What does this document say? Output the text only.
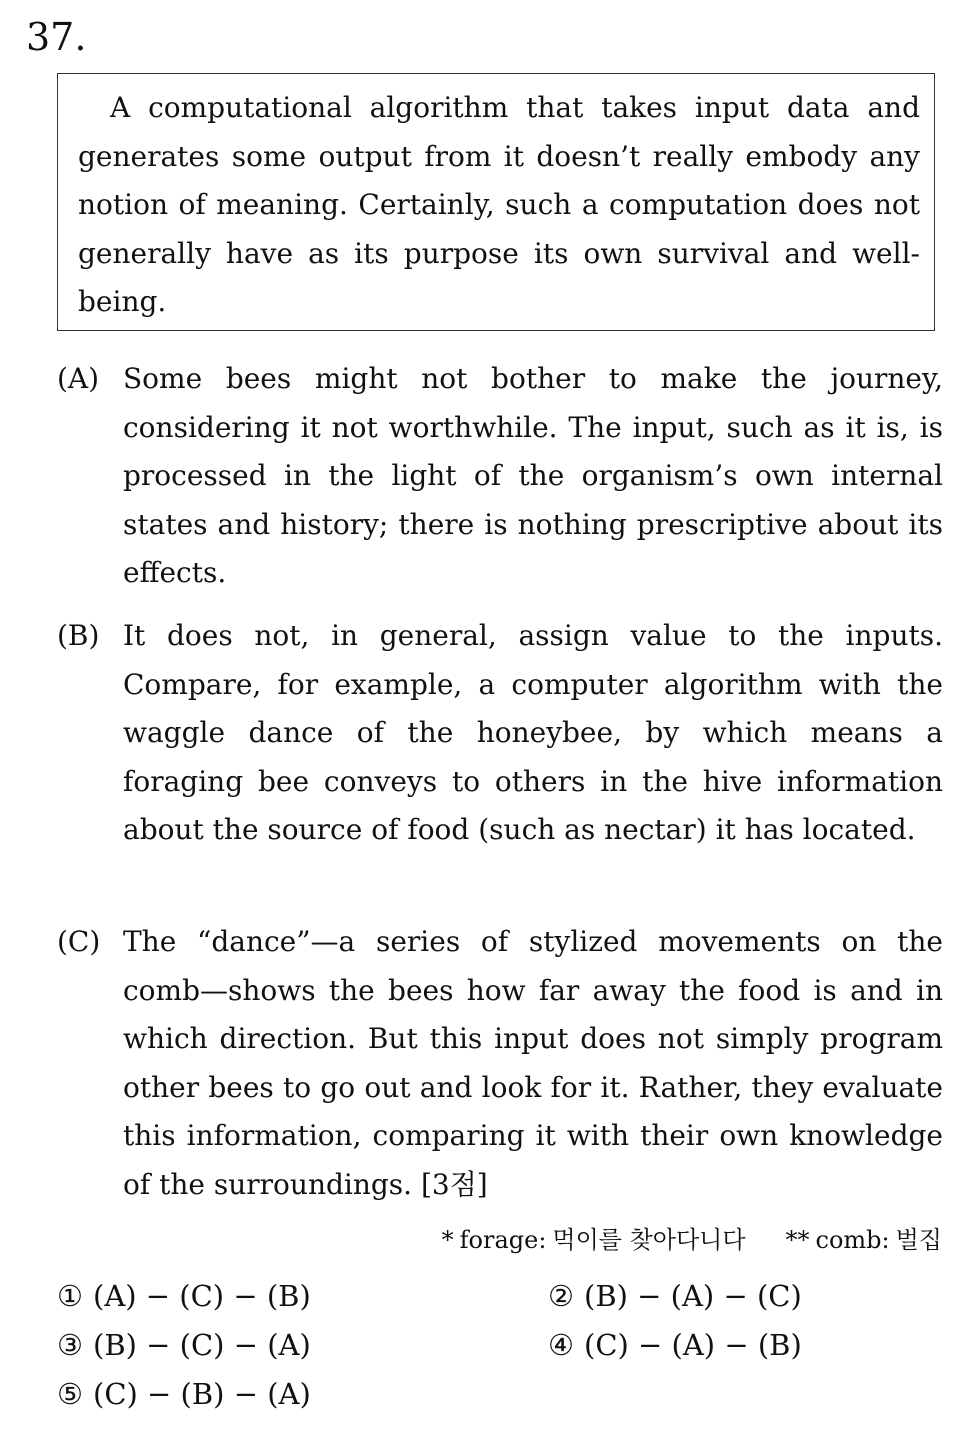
37.

A computational algorithm that takes input data and generates some output from it doesn’t really embody any notion of meaning. Certainly, such a computation does not generally have as its purpose its own survival and well-being.

(A) Some bees might not bother to make the journey, considering it not worthwhile. The input, such as it is, is processed in the light of the organism’s own internal states and history; there is nothing prescriptive about its effects.

(B) It does not, in general, assign value to the inputs. Compare, for example, a computer algorithm with the waggle dance of the honeybee, by which means a foraging bee conveys to others in the hive information about the source of food (such as nectar) it has located.

(C) The “dance”—a series of stylized movements on the comb—shows the bees how far away the food is and in which direction. But this input does not simply program other bees to go out and look for it. Rather, they evaluate this information, comparing it with their own knowledge of the surroundings. [3점]

* forage: 먹이를 찾아다니다 ** comb: 벌집
① (A) − (C) − (B)	② (B) − (A) − (C)
③ (B) − (C) − (A)	④ (C) − (A) − (B)
⑤ (C) − (B) − (A)
